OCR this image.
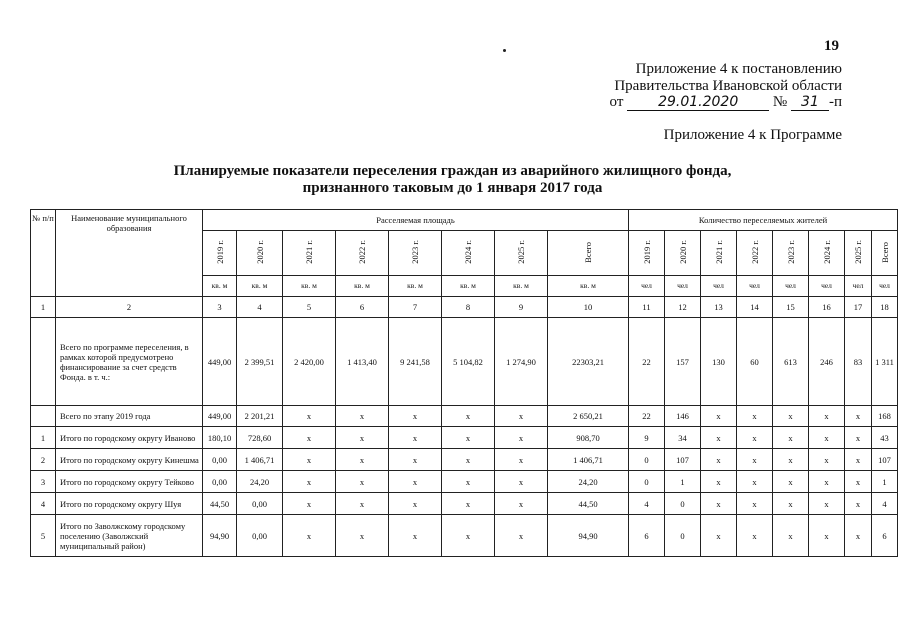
19
Приложение 4 к постановлению
Правительства Ивановской области
от 29.01.2020 № 31 -п
Приложение 4 к Программе
Планируемые показатели переселения граждан из аварийного жилищного фонда,
признанного таковым до 1 января 2017 года
№ п/п	Наименование муниципального образования	Расселяемая площадь								Количество переселяемых жителей							
		2019 г.	2020 г.	2021 г.	2022 г.	2023 г.	2024 г.	2025 г.	Всего	2019 г.	2020 г.	2021 г.	2022 г.	2023 г.	2024 г.	2025 г.	Всего
		кв. м	кв. м	кв. м	кв. м	кв. м	кв. м	кв. м	кв. м	чел	чел	чел	чел	чел	чел	чел	чел
1	2	3	4	5	6	7	8	9	10	11	12	13	14	15	16	17	18
	Всего по программе переселения, в рамках которой предусмотрено финансирование за счет средств Фонда. в т. ч.:	449,00	2 399,51	2 420,00	1 413,40	9 241,58	5 104,82	1 274,90	22303,21	22	157	130	60	613	246	83	1 311
	Всего по этапу 2019 года	449,00	2 201,21	x	x	x	x	x	2 650,21	22	146	x	x	x	x	x	168
1	Итого по городскому округу Иваново	180,10	728,60	x	x	x	x	x	908,70	9	34	x	x	x	x	x	43
2	Итого по городскому округу Кинешма	0,00	1 406,71	x	x	x	x	x	1 406,71	0	107	x	x	x	x	x	107
3	Итого по городскому округу Тейково	0,00	24,20	x	x	x	x	x	24,20	0	1	x	x	x	x	x	1
4	Итого по городскому округу Шуя	44,50	0,00	x	x	x	x	x	44,50	4	0	x	x	x	x	x	4
5	Итого по Заволжскому городскому поселению (Заволжский муниципальный район)	94,90	0,00	x	x	x	x	x	94,90	6	0	x	x	x	x	x	6
